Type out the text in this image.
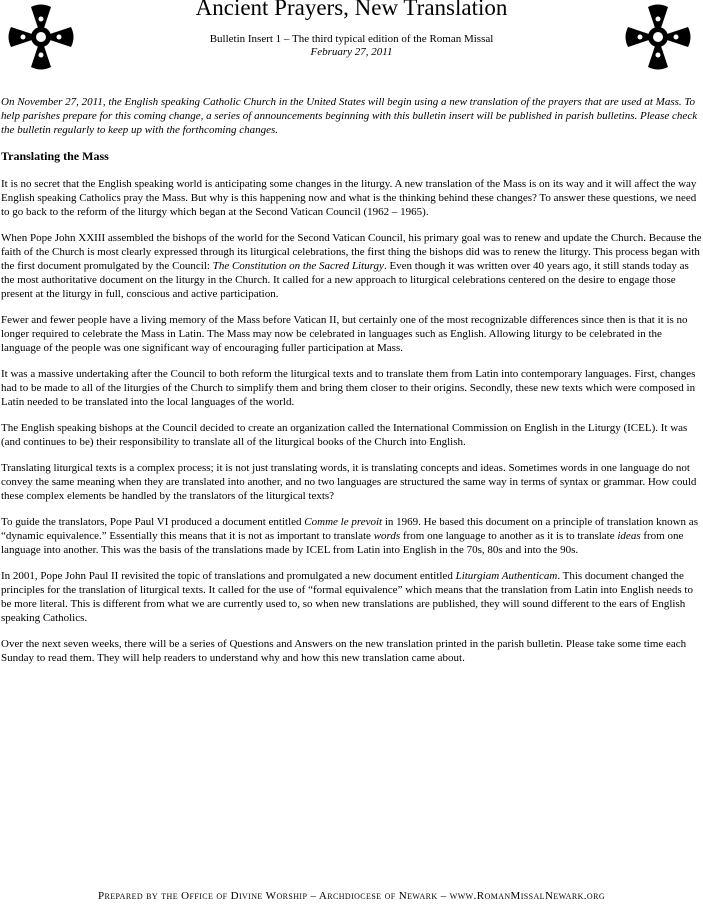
Ancient Prayers, New Translation
Bulletin Insert 1 – The third typical edition of the Roman Missal
February 27, 2011

On November 27, 2011, the English speaking Catholic Church in the United States will begin using a new translation of the prayers that are used at Mass. To help parishes prepare for this coming change, a series of announcements beginning with this bulletin insert will be published in parish bulletins. Please check the bulletin regularly to keep up with the forthcoming changes.

Translating the Mass

It is no secret that the English speaking world is anticipating some changes in the liturgy. A new translation of the Mass is on its way and it will affect the way English speaking Catholics pray the Mass. But why is this happening now and what is the thinking behind these changes? To answer these questions, we need to go back to the reform of the liturgy which began at the Second Vatican Council (1962 – 1965).

When Pope John XXIII assembled the bishops of the world for the Second Vatican Council, his primary goal was to renew and update the Church. Because the faith of the Church is most clearly expressed through its liturgical celebrations, the first thing the bishops did was to renew the liturgy. This process began with the first document promulgated by the Council: The Constitution on the Sacred Liturgy. Even though it was written over 40 years ago, it still stands today as the most authoritative document on the liturgy in the Church. It called for a new approach to liturgical celebrations centered on the desire to engage those present at the liturgy in full, conscious and active participation.

Fewer and fewer people have a living memory of the Mass before Vatican II, but certainly one of the most recognizable differences since then is that it is no longer required to celebrate the Mass in Latin. The Mass may now be celebrated in languages such as English. Allowing liturgy to be celebrated in the language of the people was one significant way of encouraging fuller participation at Mass.

It was a massive undertaking after the Council to both reform the liturgical texts and to translate them from Latin into contemporary languages. First, changes had to be made to all of the liturgies of the Church to simplify them and bring them closer to their origins. Secondly, these new texts which were composed in Latin needed to be translated into the local languages of the world.

The English speaking bishops at the Council decided to create an organization called the International Commission on English in the Liturgy (ICEL). It was (and continues to be) their responsibility to translate all of the liturgical books of the Church into English.

Translating liturgical texts is a complex process; it is not just translating words, it is translating concepts and ideas. Sometimes words in one language do not convey the same meaning when they are translated into another, and no two languages are structured the same way in terms of syntax or grammar. How could these complex elements be handled by the translators of the liturgical texts?

To guide the translators, Pope Paul VI produced a document entitled Comme le prevoit in 1969. He based this document on a principle of translation known as “dynamic equivalence.” Essentially this means that it is not as important to translate words from one language to another as it is to translate ideas from one language into another. This was the basis of the translations made by ICEL from Latin into English in the 70s, 80s and into the 90s.

In 2001, Pope John Paul II revisited the topic of translations and promulgated a new document entitled Liturgiam Authenticam. This document changed the principles for the translation of liturgical texts. It called for the use of “formal equivalence” which means that the translation from Latin into English needs to be more literal. This is different from what we are currently used to, so when new translations are published, they will sound different to the ears of English speaking Catholics.

Over the next seven weeks, there will be a series of Questions and Answers on the new translation printed in the parish bulletin. Please take some time each Sunday to read them. They will help readers to understand why and how this new translation came about.

Prepared by the Office of Divine Worship – Archdiocese of Newark – www.RomanMissalNewark.org
